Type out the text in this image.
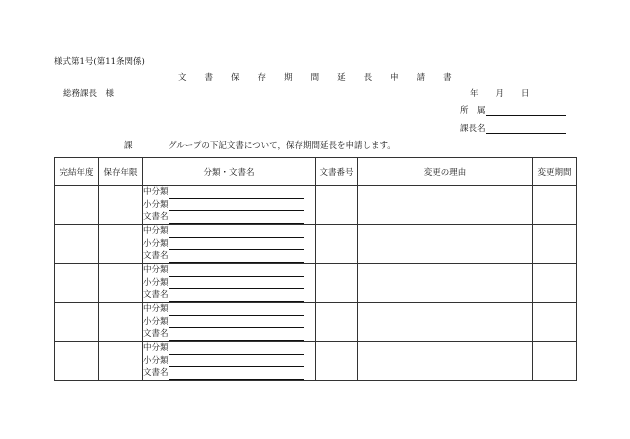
様式第1号(第11条関係)
文 書 保 存 期 間 延 長 申 請 書
総務課長　様	年　　月　　日
所　属
課長名
課	グループの下記文書について，保存期間延長を申請します。
完結年度	保存年限	分類・文書名	文書番号	変更の理由	変更期間

		中分類
小分類
文書名			

		中分類
小分類
文書名			

		中分類
小分類
文書名			

		中分類
小分類
文書名			

		中分類
小分類
文書名			
